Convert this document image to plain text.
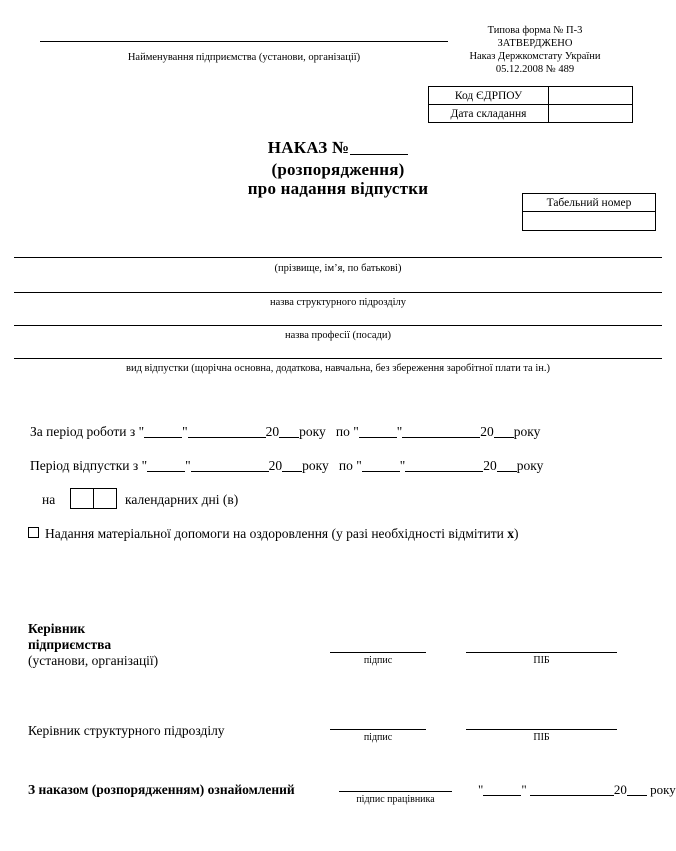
Найменування підприємства (установи, організації)
Типова форма № П-3
ЗАТВЕРДЖЕНО
Наказ Держкомстату України
05.12.2008 № 489
Код ЄДРПОУ	
Дата складання	
НАКАЗ №
(розпорядження)
про надання відпустки
Табельний номер

(прізвище, ім’я, по батькові)
назва структурного підрозділу
назва професії (посади)
вид відпустки (щорічна основна, додаткова, навчальна, без збереження заробітної плати та ін.)
За період роботи з "	"	20 року по "	"	20 року
Період відпустки з "	"	20 року по "	"	20 року
на
		календарних дні (в)
Надання матеріальної допомоги на оздоровлення (у разі необхідності відмітити x)
Керівник
підприємства
(установи, організації)	підпис	ПІБ
Керівник структурного підрозділу	підпис	ПІБ
З наказом (розпорядженням) ознайомлений
підпис працівника
"	"	20 року
